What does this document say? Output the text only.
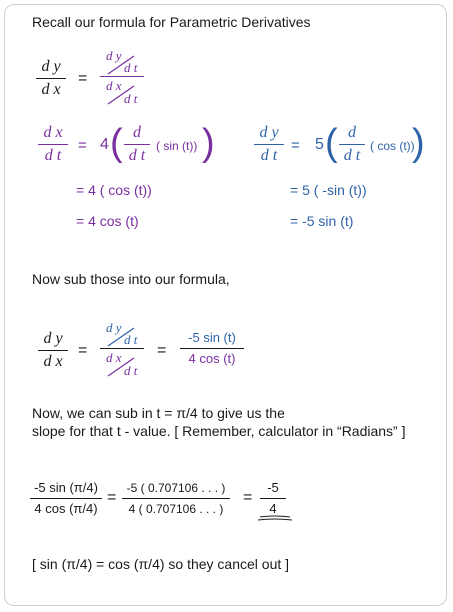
Recall our formula for Parametric Derivatives
d y
d x
=
d y
d t
d x
d t
d x
d t
= 4 ( d
d t
( sin (t)) )
= 4 ( cos (t))
= 4 cos (t)
d y
d t
= 5 ( d
d t
( cos (t))
)
= 5 ( -sin (t))
= -5 sin (t)
Now sub those into our formula,
d y
d x
=
d y
d t
d x
d t
=
-5 sin (t)
4 cos (t)
Now, we can sub in t = π/4 to give us the
slope for that t - value. [ Remember, calculator in “Radians” ]
-5 sin (π/4)
4 cos (π/4)
=
-5 ( 0.707106 . . . )
4 ( 0.707106 . . . )
=
-5
4
[ sin (π/4) = cos (π/4) so they cancel out ]
